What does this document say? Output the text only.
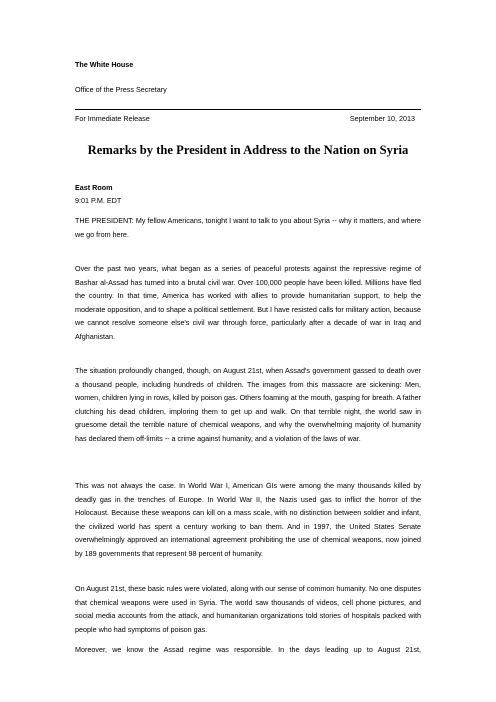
The White House
Office of the Press Secretary
For Immediate Release	September 10, 2013
Remarks by the President in Address to the Nation on Syria
East Room
9:01 P.M. EDT
THE PRESIDENT: My fellow Americans, tonight I want to talk to you about Syria -- why it matters, and where we go from here.
Over the past two years, what began as a series of peaceful protests against the repressive regime of Bashar al-Assad has turned into a brutal civil war. Over 100,000 people have been killed. Millions have fled the country. In that time, America has worked with allies to provide humanitarian support, to help the moderate opposition, and to shape a political settlement. But I have resisted calls for military action, because we cannot resolve someone else's civil war through force, particularly after a decade of war in Iraq and Afghanistan.
The situation profoundly changed, though, on August 21st, when Assad's government gassed to death over a thousand people, including hundreds of children. The images from this massacre are sickening: Men, women, children lying in rows, killed by poison gas. Others foaming at the mouth, gasping for breath. A father clutching his dead children, imploring them to get up and walk. On that terrible night, the world saw in gruesome detail the terrible nature of chemical weapons, and why the overwhelming majority of humanity has declared them off-limits -- a crime against humanity, and a violation of the laws of war.
This was not always the case. In World War I, American GIs were among the many thousands killed by deadly gas in the trenches of Europe. In World War II, the Nazis used gas to inflict the horror of the Holocaust. Because these weapons can kill on a mass scale, with no distinction between soldier and infant, the civilized world has spent a century working to ban them. And in 1997, the United States Senate overwhelmingly approved an international agreement prohibiting the use of chemical weapons, now joined by 189 governments that represent 98 percent of humanity.
On August 21st, these basic rules were violated, along with our sense of common humanity. No one disputes that chemical weapons were used in Syria. The world saw thousands of videos, cell phone pictures, and social media accounts from the attack, and humanitarian organizations told stories of hospitals packed with people who had symptoms of poison gas.
Moreover, we know the Assad regime was responsible. In the days leading up to August 21st,
